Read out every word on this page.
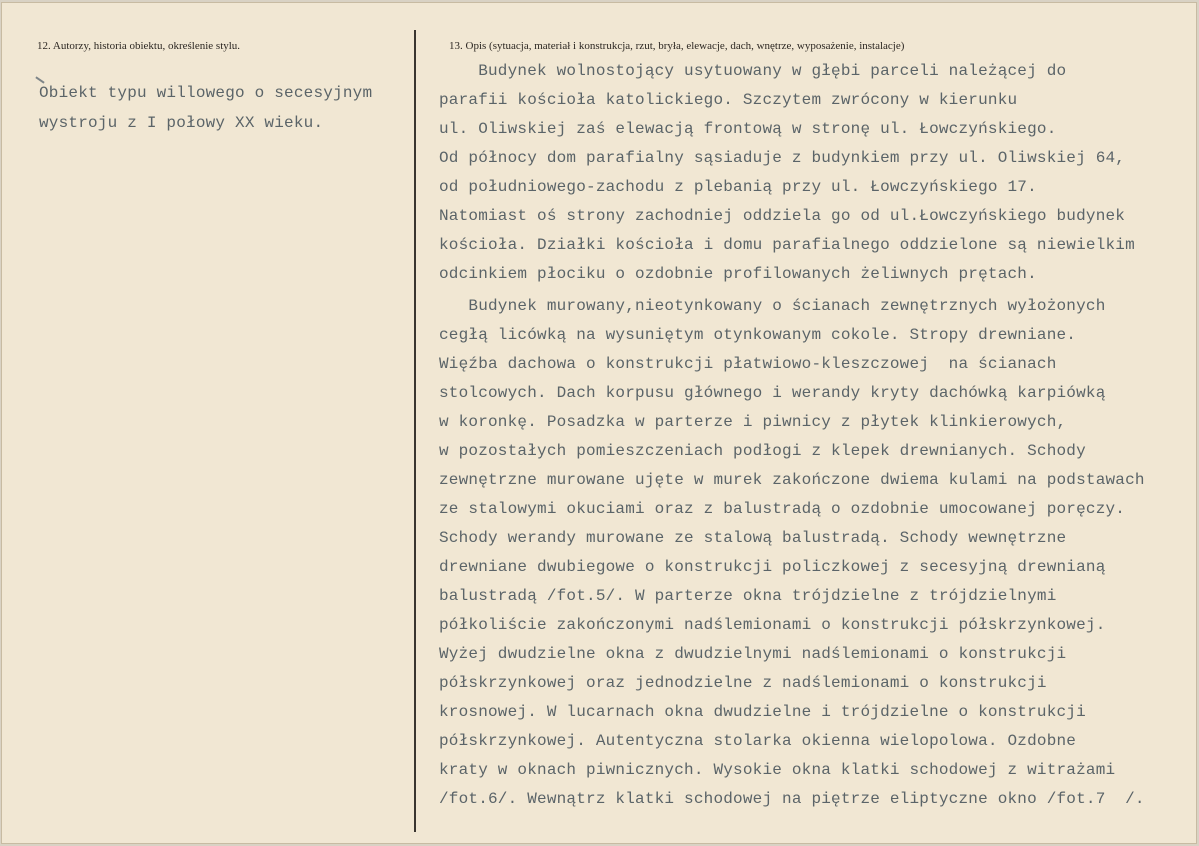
12. Autorzy, historia obiektu, określenie stylu.	13. Opis (sytuacja, materiał i konstrukcja, rzut, bryła, elewacje, dach, wnętrze, wyposażenie, instalacje)
Obiekt typu willowego o secesyjnym
wystroju z I połowy XX wieku.
Budynek wolnostojący usytuowany w głębi parceli należącej do
parafii kościoła katolickiego. Szczytem zwrócony w kierunku
ul. Oliwskiej zaś elewacją frontową w stronę ul. Łowczyńskiego.
Od północy dom parafialny sąsiaduje z budynkiem przy ul. Oliwskiej 64,
od południowego-zachodu z plebanią przy ul. Łowczyńskiego 17.
Natomiast oś strony zachodniej oddziela go od ul.Łowczyńskiego budynek
kościoła. Działki kościoła i domu parafialnego oddzielone są niewielkim
odcinkiem płociku o ozdobnie profilowanych żeliwnych prętach.
Budynek murowany,nieotynkowany o ścianach zewnętrznych wyłożonych
cegłą licówką na wysuniętym otynkowanym cokole. Stropy drewniane.
Więźba dachowa o konstrukcji płatwiowo-kleszczowej  na ścianach
stolcowych. Dach korpusu głównego i werandy kryty dachówką karpiówką
w koronkę. Posadzka w parterze i piwnicy z płytek klinkierowych,
w pozostałych pomieszczeniach podłogi z klepek drewnianych. Schody
zewnętrzne murowane ujęte w murek zakończone dwiema kulami na podstawach
ze stalowymi okuciami oraz z balustradą o ozdobnie umocowanej poręczy.
Schody werandy murowane ze stalową balustradą. Schody wewnętrzne
drewniane dwubiegowe o konstrukcji policzkowej z secesyjną drewnianą
balustradą /fot.5/. W parterze okna trójdzielne z trójdzielnymi
półkoliście zakończonymi nadślemionami o konstrukcji półskrzynkowej.
Wyżej dwudzielne okna z dwudzielnymi nadślemionami o konstrukcji
półskrzynkowej oraz jednodzielne z nadślemionami o konstrukcji
krosnowej. W lucarnach okna dwudzielne i trójdzielne o konstrukcji
półskrzynkowej. Autentyczna stolarka okienna wielopolowa. Ozdobne
kraty w oknach piwnicznych. Wysokie okna klatki schodowej z witrażami
/fot.6/. Wewnątrz klatki schodowej na piętrze eliptyczne okno /fot.7  /.
